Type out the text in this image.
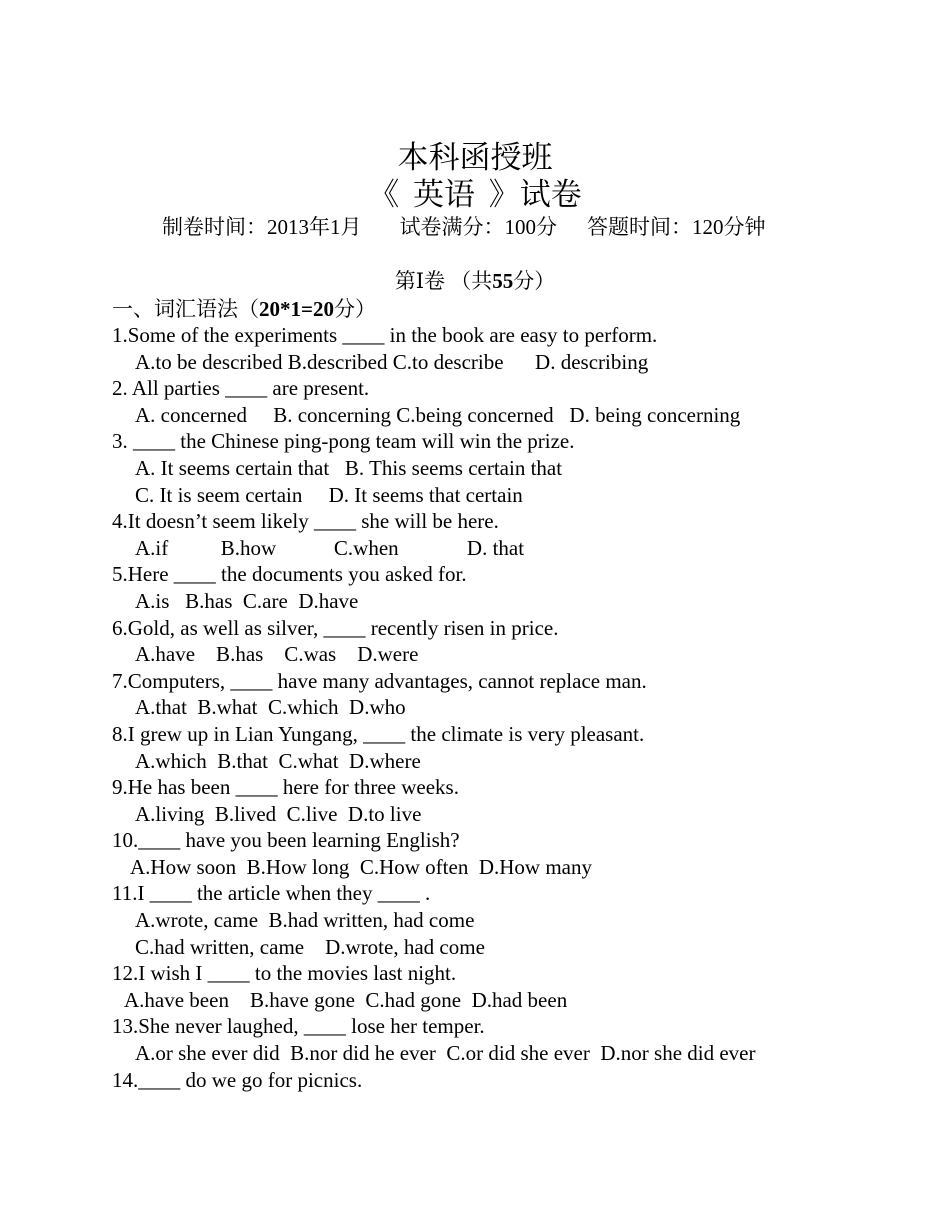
本科函授班
《 英语 》试卷
制卷时间：2013年1月 试卷满分：100分 答题时间：120分钟
第Ⅰ卷 （共55分）
一、词汇语法（20*1=20分）
1.Some of the experiments ____ in the book are easy to perform.
A.to be described B.described C.to describe      D. describing
2. All parties ____ are present.
A. concerned     B. concerning C.being concerned   D. being concerning
3. ____ the Chinese ping-pong team will win the prize.
A. It seems certain that   B. This seems certain that
C. It is seem certain     D. It seems that certain
4.It doesn’t seem likely ____ she will be here.
A.if          B.how           C.when             D. that
5.Here ____ the documents you asked for.
A.is   B.has  C.are  D.have
6.Gold, as well as silver, ____ recently risen in price.
A.have    B.has    C.was    D.were
7.Computers, ____ have many advantages, cannot replace man.
A.that  B.what  C.which  D.who
8.I grew up in Lian Yungang, ____ the climate is very pleasant.
A.which  B.that  C.what  D.where
9.He has been ____ here for three weeks.
A.living  B.lived  C.live  D.to live
10.____ have you been learning English?
A.How soon  B.How long  C.How often  D.How many
11.I ____ the article when they ____ .
A.wrote, came  B.had written, had come
C.had written, came    D.wrote, had come
12.I wish I ____ to the movies last night.
A.have been    B.have gone  C.had gone  D.had been
13.She never laughed, ____ lose her temper.
A.or she ever did  B.nor did he ever  C.or did she ever  D.nor she did ever
14.____ do we go for picnics.
